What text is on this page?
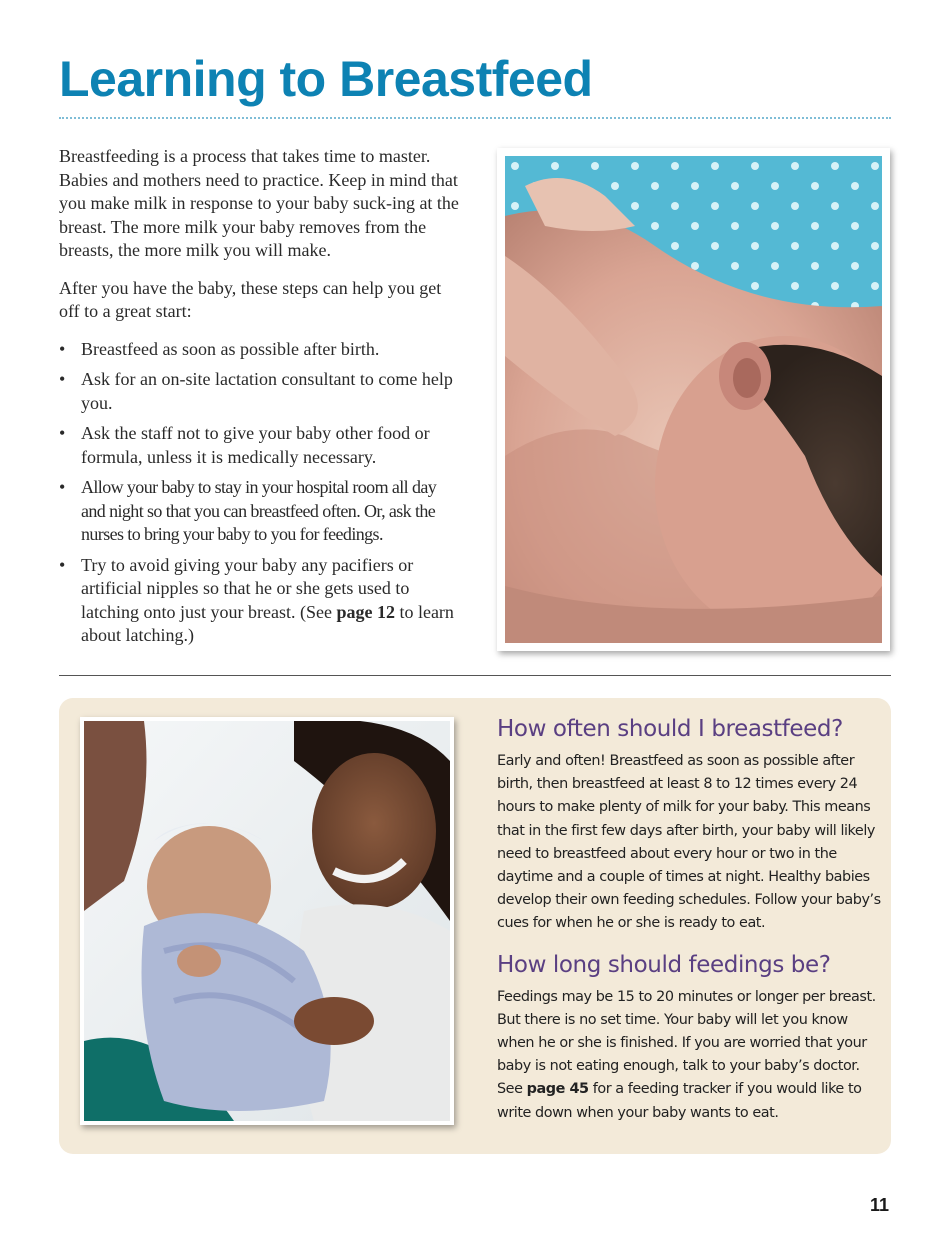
Learning to Breastfeed

Breastfeeding is a process that takes time to master. Babies and mothers need to practice. Keep in mind that you make milk in response to your baby suck-ing at the breast. The more milk your baby removes from the breasts, the more milk you will make.

After you have the baby, these steps can help you get off to a great start:

• Breastfeed as soon as possible after birth.
• Ask for an on-site lactation consultant to come help you.
• Ask the staff not to give your baby other food or formula, unless it is medically necessary.
• Allow your baby to stay in your hospital room all day and night so that you can breastfeed often. Or, ask the nurses to bring your baby to you for feedings.
• Try to avoid giving your baby any pacifiers or artificial nipples so that he or she gets used to latching onto just your breast. (See page 12 to learn about latching.)
How often should I breastfeed?

Early and often! Breastfeed as soon as possible after birth, then breastfeed at least 8 to 12 times every 24 hours to make plenty of milk for your baby. This means that in the first few days after birth, your baby will likely need to breastfeed about every hour or two in the daytime and a couple of times at night. Healthy babies develop their own feeding schedules. Follow your baby’s cues for when he or she is ready to eat.

How long should feedings be?

Feedings may be 15 to 20 minutes or longer per breast. But there is no set time. Your baby will let you know when he or she is finished. If you are worried that your baby is not eating enough, talk to your baby’s doctor. See page 45 for a feeding tracker if you would like to write down when your baby wants to eat.

11
